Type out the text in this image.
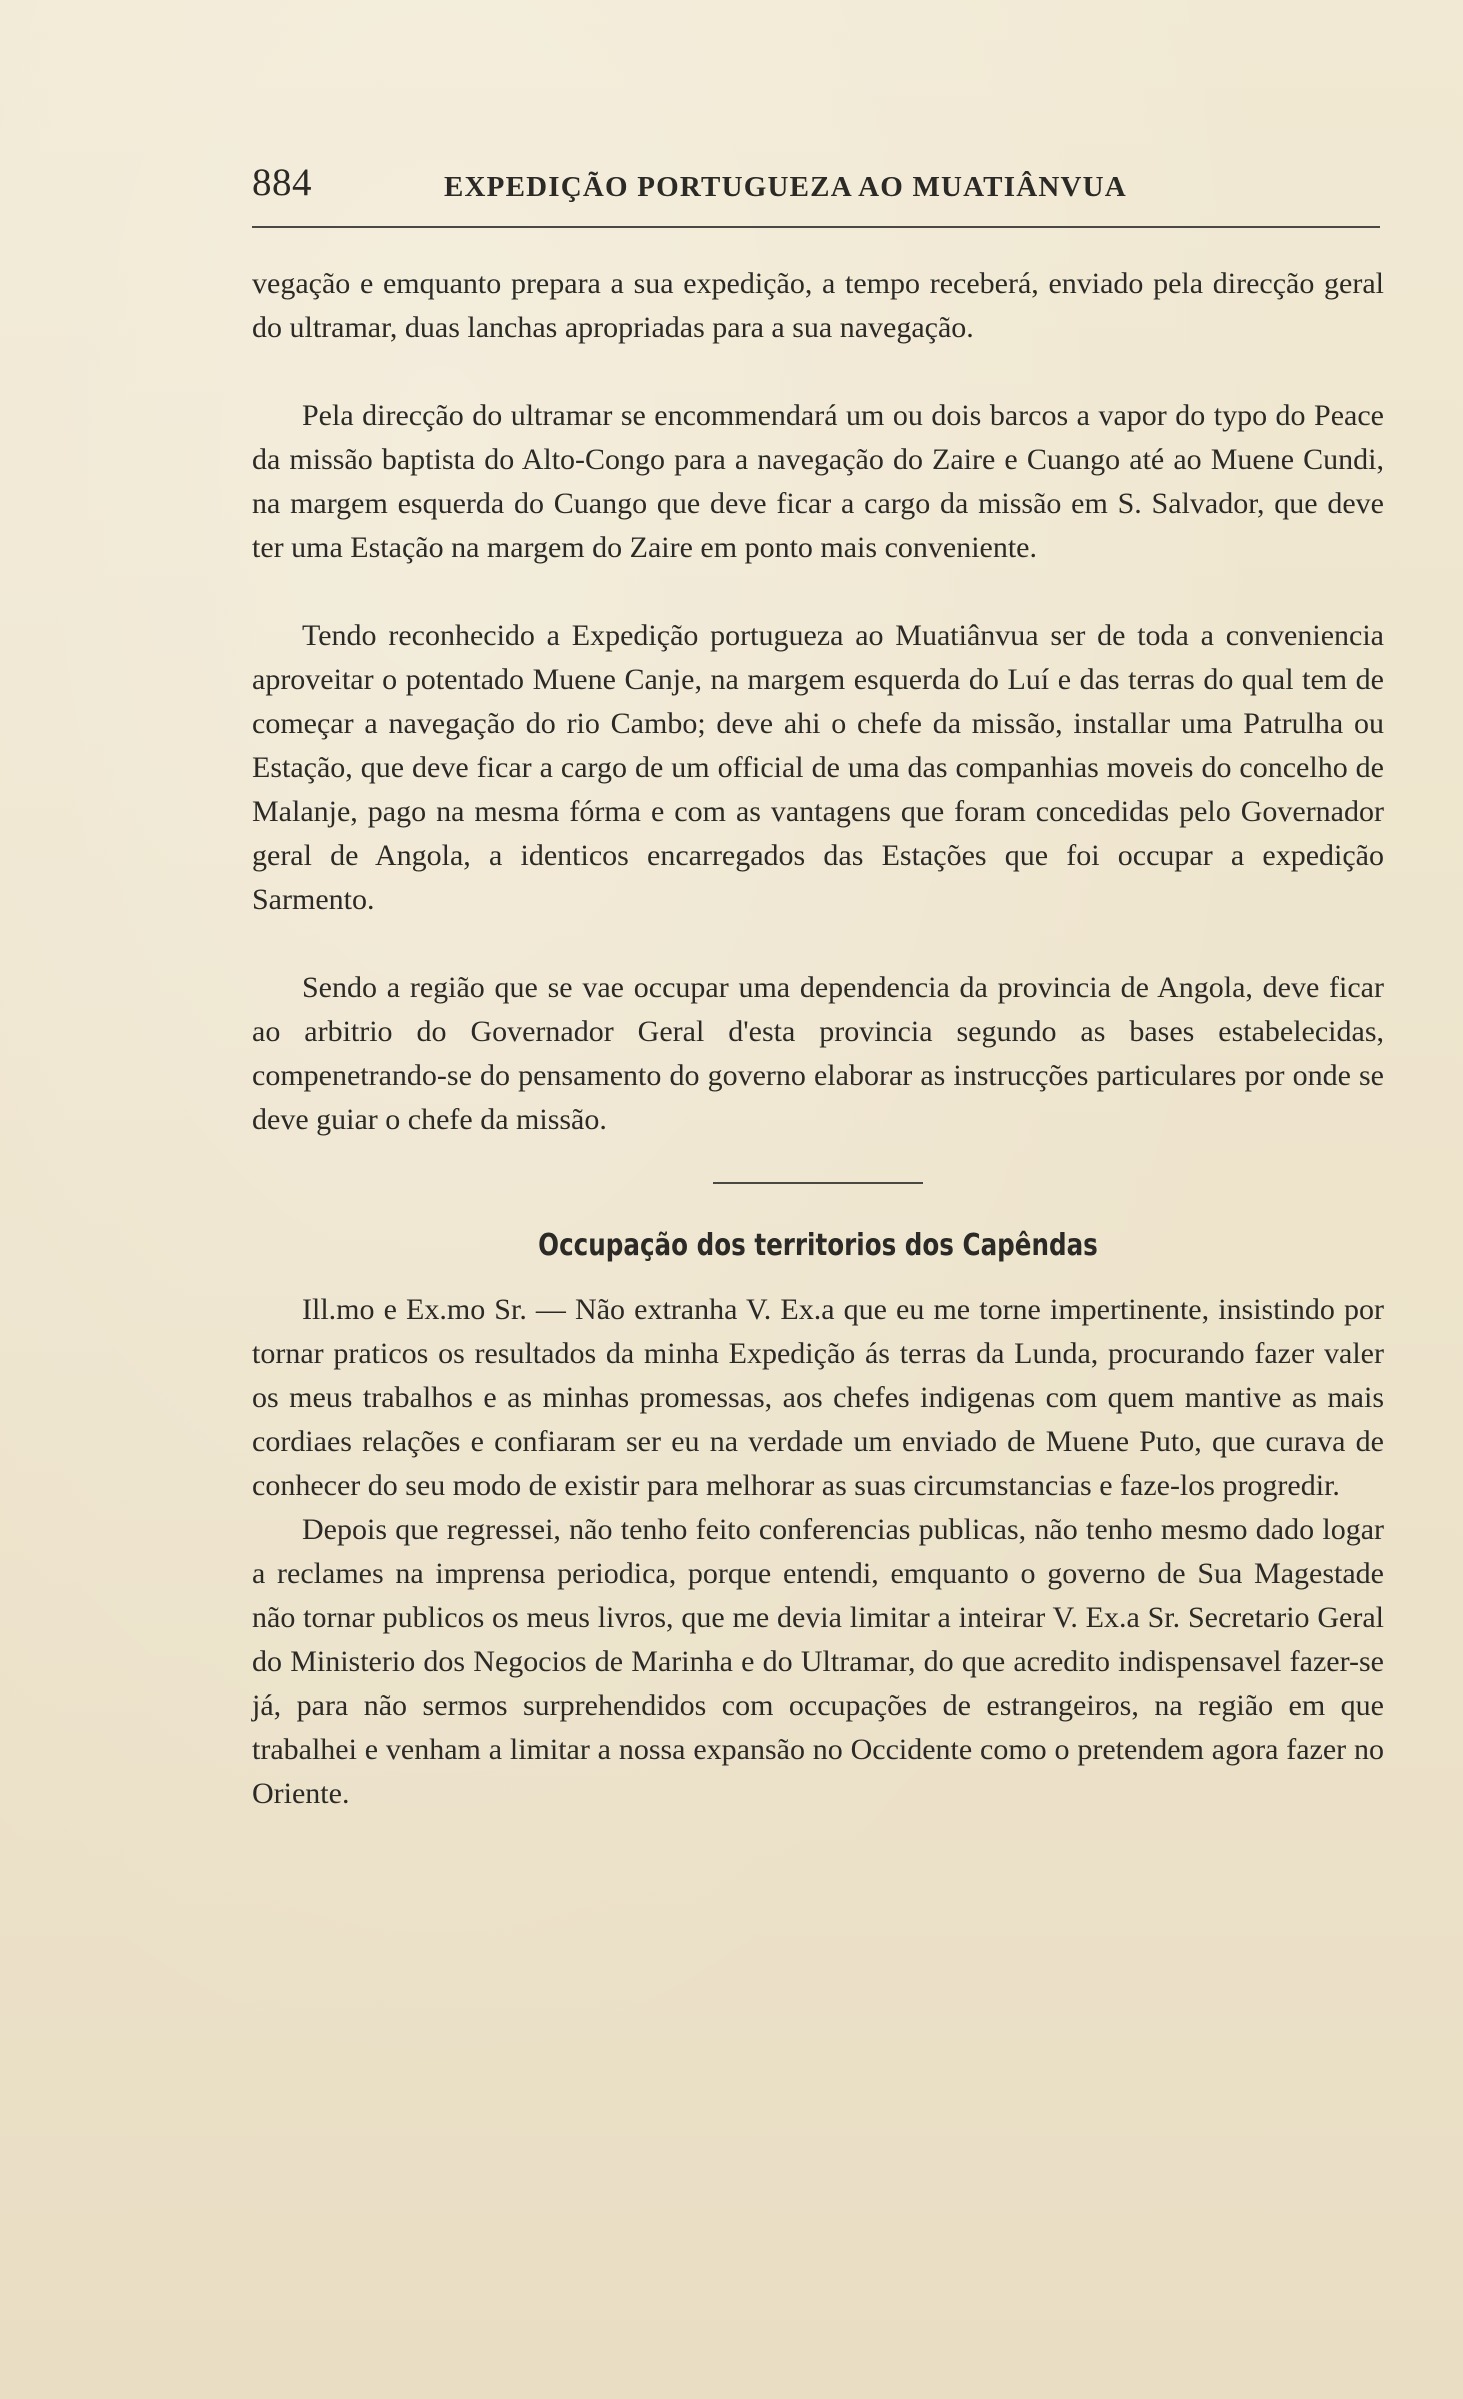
884	EXPEDIÇÃO PORTUGUEZA AO MUATIÂNVUA

vegação e emquanto prepara a sua expedição, a tempo receberá, enviado pela direcção geral do ultramar, duas lanchas apropriadas para a sua navegação.

Pela direcção do ultramar se encommendará um ou dois barcos a vapor do typo do Peace da missão baptista do Alto-Congo para a navegação do Zaire e Cuango até ao Muene Cundi, na margem esquerda do Cuango que deve ficar a cargo da missão em S. Salvador, que deve ter uma Estação na margem do Zaire em ponto mais conveniente.

Tendo reconhecido a Expedição portugueza ao Muatiânvua ser de toda a conveniencia aproveitar o potentado Muene Canje, na margem esquerda do Luí e das terras do qual tem de começar a navegação do rio Cambo; deve ahi o chefe da missão, installar uma Patrulha ou Estação, que deve ficar a cargo de um official de uma das companhias moveis do concelho de Malanje, pago na mesma fórma e com as vantagens que foram concedidas pelo Governador geral de Angola, a identicos encarregados das Estações que foi occupar a expedição Sarmento.

Sendo a região que se vae occupar uma dependencia da provincia de Angola, deve ficar ao arbitrio do Governador Geral d'esta provincia segundo as bases estabelecidas, compenetrando-se do pensamento do governo elaborar as instrucções particulares por onde se deve guiar o chefe da missão.

Occupação dos territorios dos Capêndas

Ill.mo e Ex.mo Sr. — Não extranha V. Ex.a que eu me torne impertinente, insistindo por tornar praticos os resultados da minha Expedição ás terras da Lunda, procurando fazer valer os meus trabalhos e as minhas promessas, aos chefes indigenas com quem mantive as mais cordiaes relações e confiaram ser eu na verdade um enviado de Muene Puto, que curava de conhecer do seu modo de existir para melhorar as suas circumstancias e faze-los progredir.

Depois que regressei, não tenho feito conferencias publicas, não tenho mesmo dado logar a reclames na imprensa periodica, porque entendi, emquanto o governo de Sua Magestade não tornar publicos os meus livros, que me devia limitar a inteirar V. Ex.a Sr. Secretario Geral do Ministerio dos Negocios de Marinha e do Ultramar, do que acredito indispensavel fazer-se já, para não sermos surprehendidos com occupações de estrangeiros, na região em que trabalhei e venham a limitar a nossa expansão no Occidente como o pretendem agora fazer no Oriente.
